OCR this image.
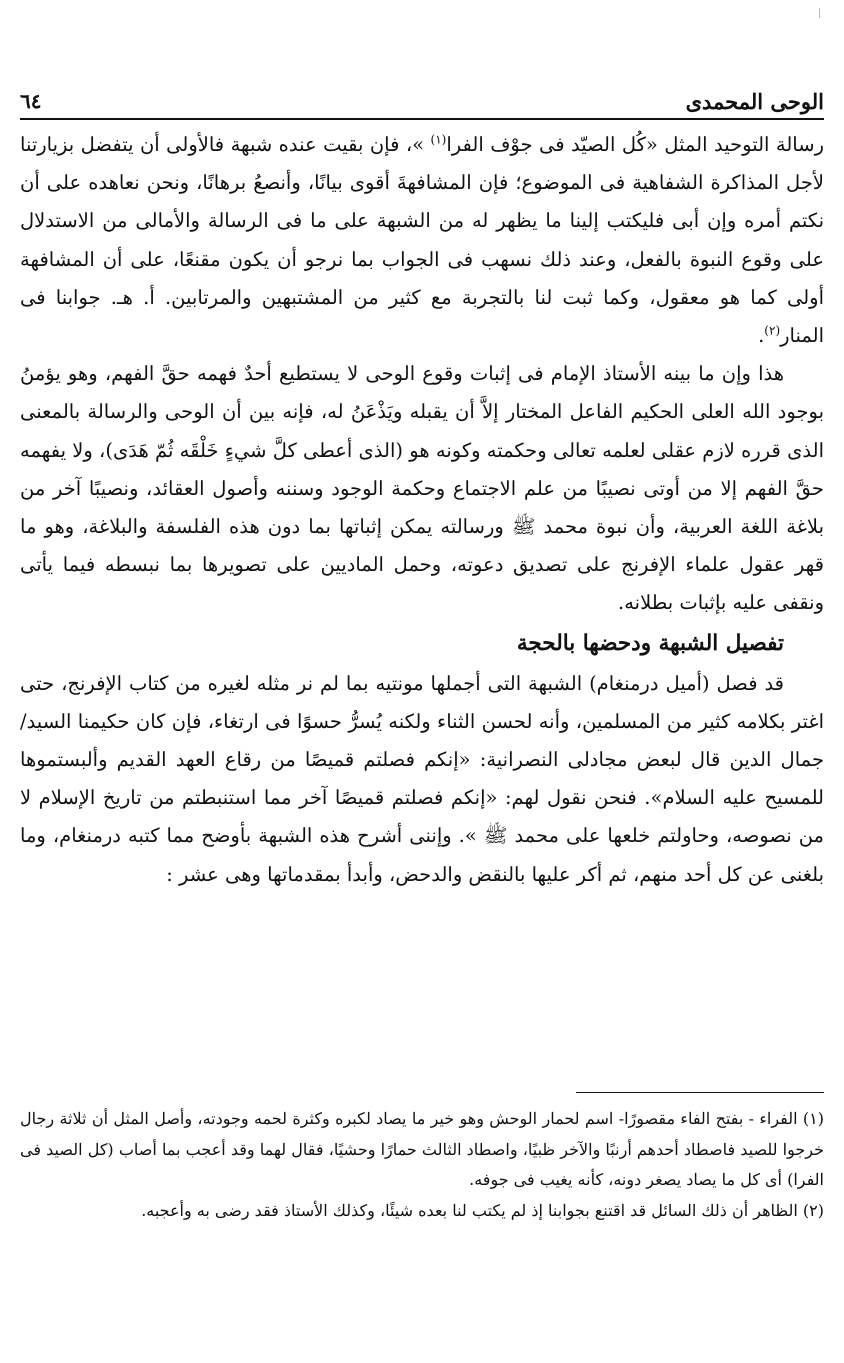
الوحى المحمدى
٦٤

رسالة التوحيد المثل «كُل الصيّد فى جوْف الفرا$^{(١)}$ »، فإن بقيت عنده شبهة فالأولى أن يتفضل بزيارتنا لأجل المذاكرة الشفاهية فى الموضوع؛ فإن المشافهةَ أقوى بيانًا، وأنصعُ برهانًا، ونحن نعاهده على أن نكتم أمره وإن أبى فليكتب إلينا ما يظهر له من الشبهة على ما فى الرسالة والأمالى من الاستدلال على وقوع النبوة بالفعل، وعند ذلك نسهب فى الجواب بما نرجو أن يكون مقنعًا، على أن المشافهة أولى كما هو معقول، وكما ثبت لنا بالتجربة مع كثير من المشتبهين والمرتابين. أ. هـ. جوابنا فى المنار$^{(٢)}$.

هذا وإن ما بينه الأستاذ الإمام فى إثبات وقوع الوحى لا يستطيع أحدٌ فهمه حقَّ الفهم، وهو يؤمنُ بوجود الله العلى الحكيم الفاعل المختار إلاَّ أن يقبله ويَذْعَنُ له، فإنه بين أن الوحى والرسالة بالمعنى الذى قرره لازم عقلى لعلمه تعالى وحكمته وكونه هو (الذى أعطى كلَّ شيءٍ خَلْقَه ثُمّ هَدَى)، ولا يفهمه حقَّ الفهم إلا من أوتى نصيبًا من علم الاجتماع وحكمة الوجود وسننه وأصول العقائد، ونصيبًا آخر من بلاغة اللغة العربية، وأن نبوة محمد ﷺ ورسالته يمكن إثباتها بما دون هذه الفلسفة والبلاغة، وهو ما قهر عقول علماء الإفرنج على تصديق دعوته، وحمل الماديين على تصويرها بما نبسطه فيما يأتى ونقفى عليه بإثبات بطلانه.

تفصيل الشبهة ودحضها بالحجة

قد فصل (أميل درمنغام) الشبهة التى أجملها مونتيه بما لم نر مثله لغيره من كتاب الإفرنج، حتى اغتر بكلامه كثير من المسلمين، وأنه لحسن الثناء ولكنه يُسرُّ حسوًا فى ارتغاء، فإن كان حكيمنا السيد/ جمال الدين قال لبعض مجادلى النصرانية: «إنكم فصلتم قميصًا من رقاع العهد القديم وألبستموها للمسيح عليه السلام». فنحن نقول لهم: «إنكم فصلتم قميصًا آخر مما استنبطتم من تاريخ الإسلام لا من نصوصه، وحاولتم خلعها على محمد ﷺ ». وإننى أشرح هذه الشبهة بأوضح مما كتبه درمنغام، وما بلغنى عن كل أحد منهم، ثم أكر عليها بالنقض والدحض، وأبدأ بمقدماتها وهى عشر :

(١) الفراء - بفتح الفاء مقصورًا- اسم لحمار الوحش وهو خير ما يصاد لكبره وكثرة لحمه وجودته، وأصل المثل أن ثلاثة رجال خرجوا للصيد فاصطاد أحدهم أرنبًا والآخر ظبيًا، واصطاد الثالث حمارًا وحشيًا، فقال لهما وقد أعجب بما أصاب (كل الصيد فى الفرا) أى كل ما يصاد يصغر دونه، كأنه يغيب فى جوفه.

(٢) الظاهر أن ذلك السائل قد اقتنع بجوابنا إذ لم يكتب لنا بعده شيئًا، وكذلك الأستاذ فقد رضى به وأعجبه.
